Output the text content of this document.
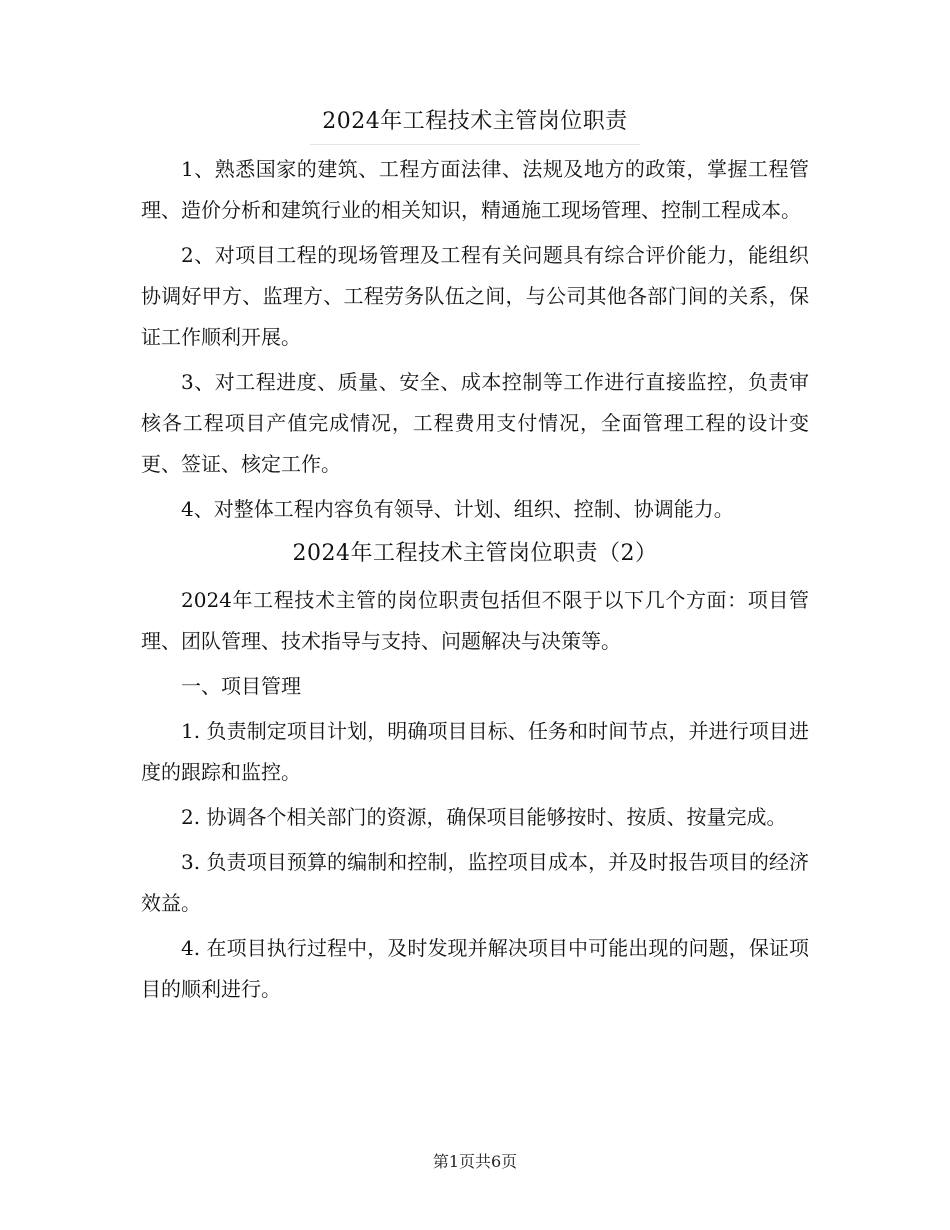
2024年工程技术主管岗位职责

1、熟悉国家的建筑、工程方面法律、法规及地方的政策，掌握工程管理、造价分析和建筑行业的相关知识，精通施工现场管理、控制工程成本。

2、对项目工程的现场管理及工程有关问题具有综合评价能力，能组织协调好甲方、监理方、工程劳务队伍之间，与公司其他各部门间的关系，保证工作顺利开展。

3、对工程进度、质量、安全、成本控制等工作进行直接监控，负责审核各工程项目产值完成情况，工程费用支付情况，全面管理工程的设计变更、签证、核定工作。

4、对整体工程内容负有领导、计划、组织、控制、协调能力。

2024年工程技术主管岗位职责（2）

2024年工程技术主管的岗位职责包括但不限于以下几个方面：项目管理、团队管理、技术指导与支持、问题解决与决策等。

一、项目管理

1. 负责制定项目计划，明确项目目标、任务和时间节点，并进行项目进度的跟踪和监控。

2. 协调各个相关部门的资源，确保项目能够按时、按质、按量完成。

3. 负责项目预算的编制和控制，监控项目成本，并及时报告项目的经济效益。

4. 在项目执行过程中，及时发现并解决项目中可能出现的问题，保证项目的顺利进行。

第1页共6页
